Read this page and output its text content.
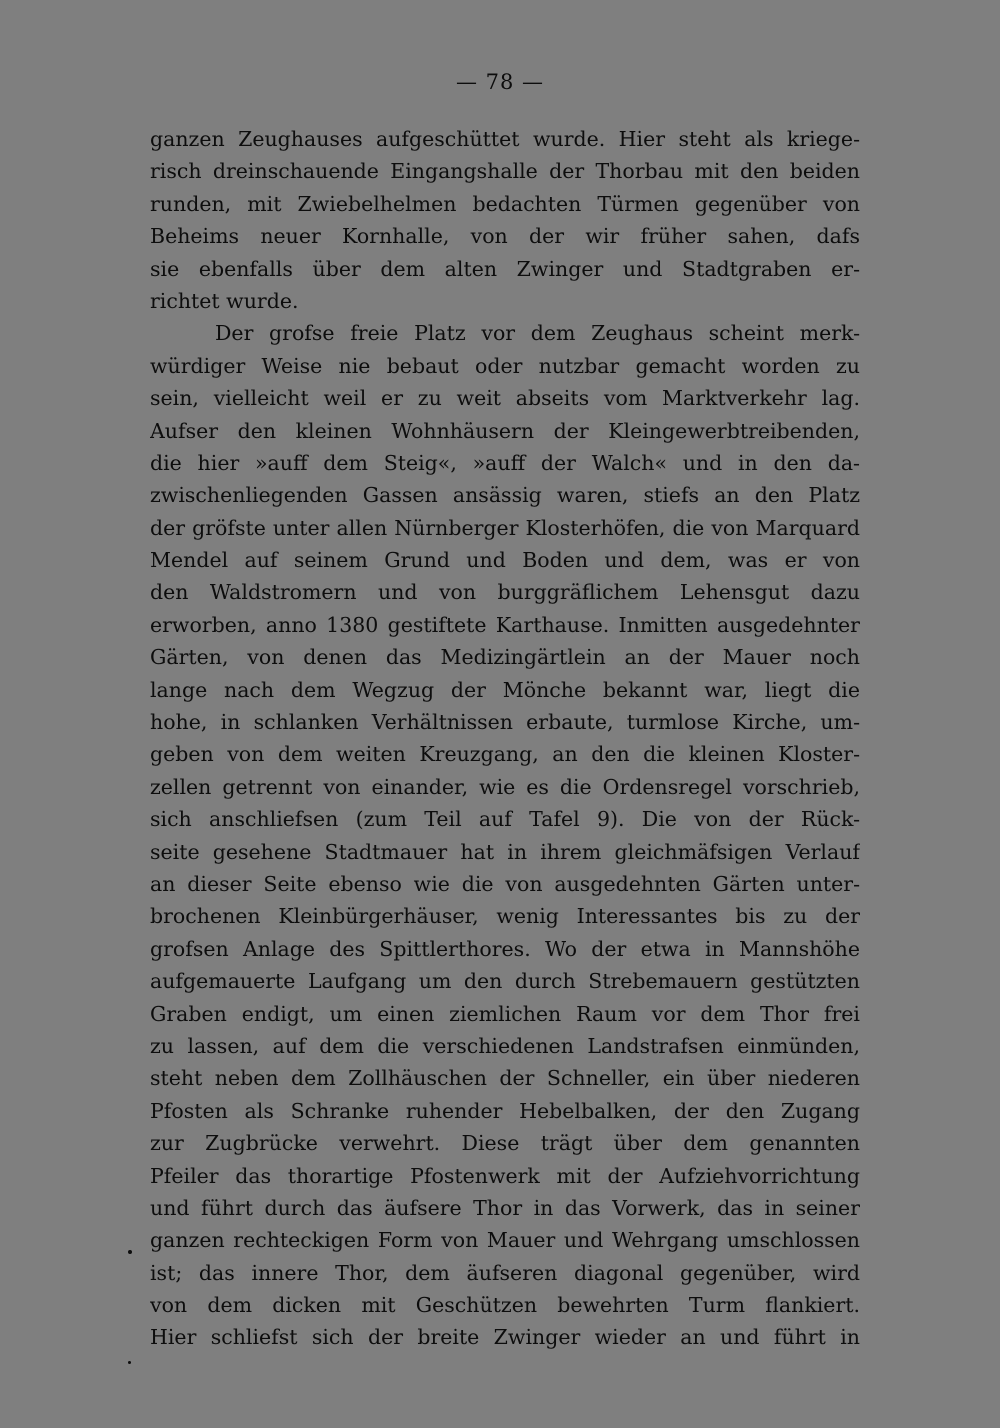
— 78 —
ganzen Zeughauses aufgeschüttet wurde. Hier steht als kriege-
risch dreinschauende Eingangshalle der Thorbau mit den beiden
runden, mit Zwiebelhelmen bedachten Türmen gegenüber von
Beheims neuer Kornhalle, von der wir früher sahen, dafs
sie ebenfalls über dem alten Zwinger und Stadtgraben er-
richtet wurde.
Der grofse freie Platz vor dem Zeughaus scheint merk-
würdiger Weise nie bebaut oder nutzbar gemacht worden zu
sein, vielleicht weil er zu weit abseits vom Marktverkehr lag.
Aufser den kleinen Wohnhäusern der Kleingewerbtreibenden,
die hier »auff dem Steig«, »auff der Walch« und in den da-
zwischenliegenden Gassen ansässig waren, stiefs an den Platz
der gröfste unter allen Nürnberger Klosterhöfen, die von Marquard
Mendel auf seinem Grund und Boden und dem, was er von
den Waldstromern und von burggräflichem Lehensgut dazu
erworben, anno 1380 gestiftete Karthause. Inmitten ausgedehnter
Gärten, von denen das Medizingärtlein an der Mauer noch
lange nach dem Wegzug der Mönche bekannt war, liegt die
hohe, in schlanken Verhältnissen erbaute, turmlose Kirche, um-
geben von dem weiten Kreuzgang, an den die kleinen Kloster-
zellen getrennt von einander, wie es die Ordensregel vorschrieb,
sich anschliefsen (zum Teil auf Tafel 9). Die von der Rück-
seite gesehene Stadtmauer hat in ihrem gleichmäfsigen Verlauf
an dieser Seite ebenso wie die von ausgedehnten Gärten unter-
brochenen Kleinbürgerhäuser, wenig Interessantes bis zu der
grofsen Anlage des Spittlerthores. Wo der etwa in Mannshöhe
aufgemauerte Laufgang um den durch Strebemauern gestützten
Graben endigt, um einen ziemlichen Raum vor dem Thor frei
zu lassen, auf dem die verschiedenen Landstrafsen einmünden,
steht neben dem Zollhäuschen der Schneller, ein über niederen
Pfosten als Schranke ruhender Hebelbalken, der den Zugang
zur Zugbrücke verwehrt. Diese trägt über dem genannten
Pfeiler das thorartige Pfostenwerk mit der Aufziehvorrichtung
und führt durch das äufsere Thor in das Vorwerk, das in seiner
ganzen rechteckigen Form von Mauer und Wehrgang umschlossen
ist; das innere Thor, dem äufseren diagonal gegenüber, wird
von dem dicken mit Geschützen bewehrten Turm flankiert.
Hier schliefst sich der breite Zwinger wieder an und führt in
